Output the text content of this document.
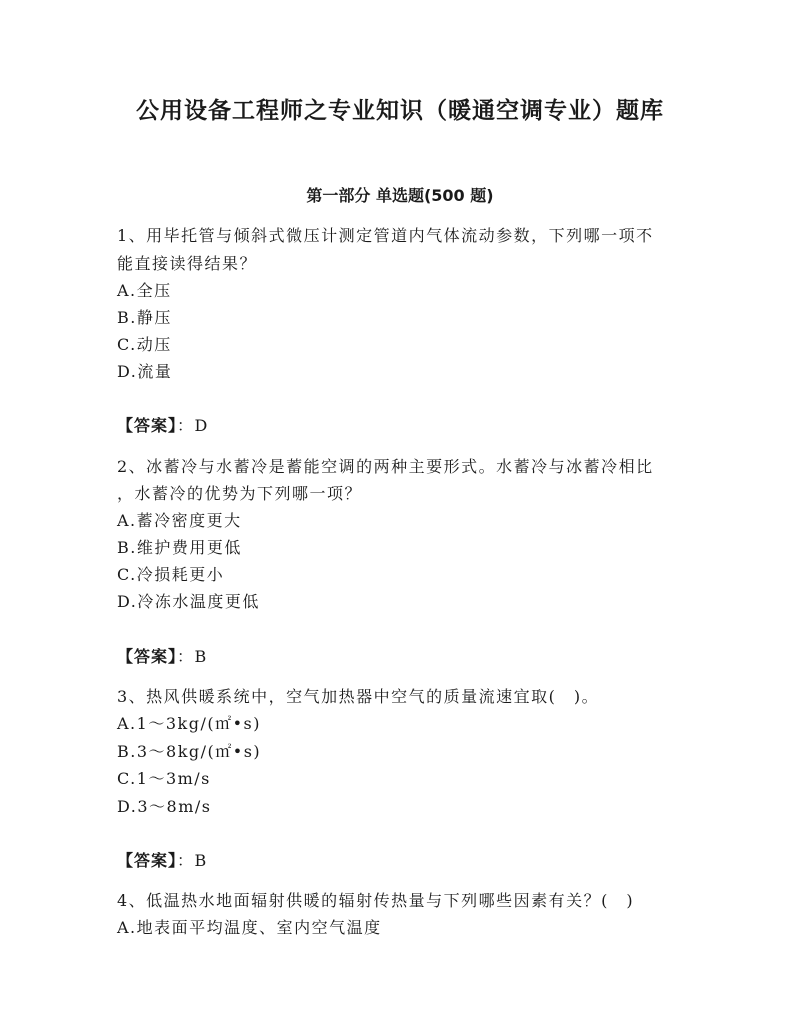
公用设备工程师之专业知识（暖通空调专业）题库
第一部分 单选题(500 题)
1、用毕托管与倾斜式微压计测定管道内气体流动参数，下列哪一项不
能直接读得结果？
A.全压
B.静压
C.动压
D.流量
【答案】：D
2、冰蓄冷与水蓄冷是蓄能空调的两种主要形式。水蓄冷与冰蓄冷相比
，水蓄冷的优势为下列哪一项？
A.蓄冷密度更大
B.维护费用更低
C.冷损耗更小
D.冷冻水温度更低
【答案】：B
3、热风供暖系统中，空气加热器中空气的质量流速宜取(　)。
A.1～3kg/(㎡•s)
B.3～8kg/(㎡•s)
C.1～3m/s
D.3～8m/s
【答案】：B
4、低温热水地面辐射供暖的辐射传热量与下列哪些因素有关？(　)
A.地表面平均温度、室内空气温度
